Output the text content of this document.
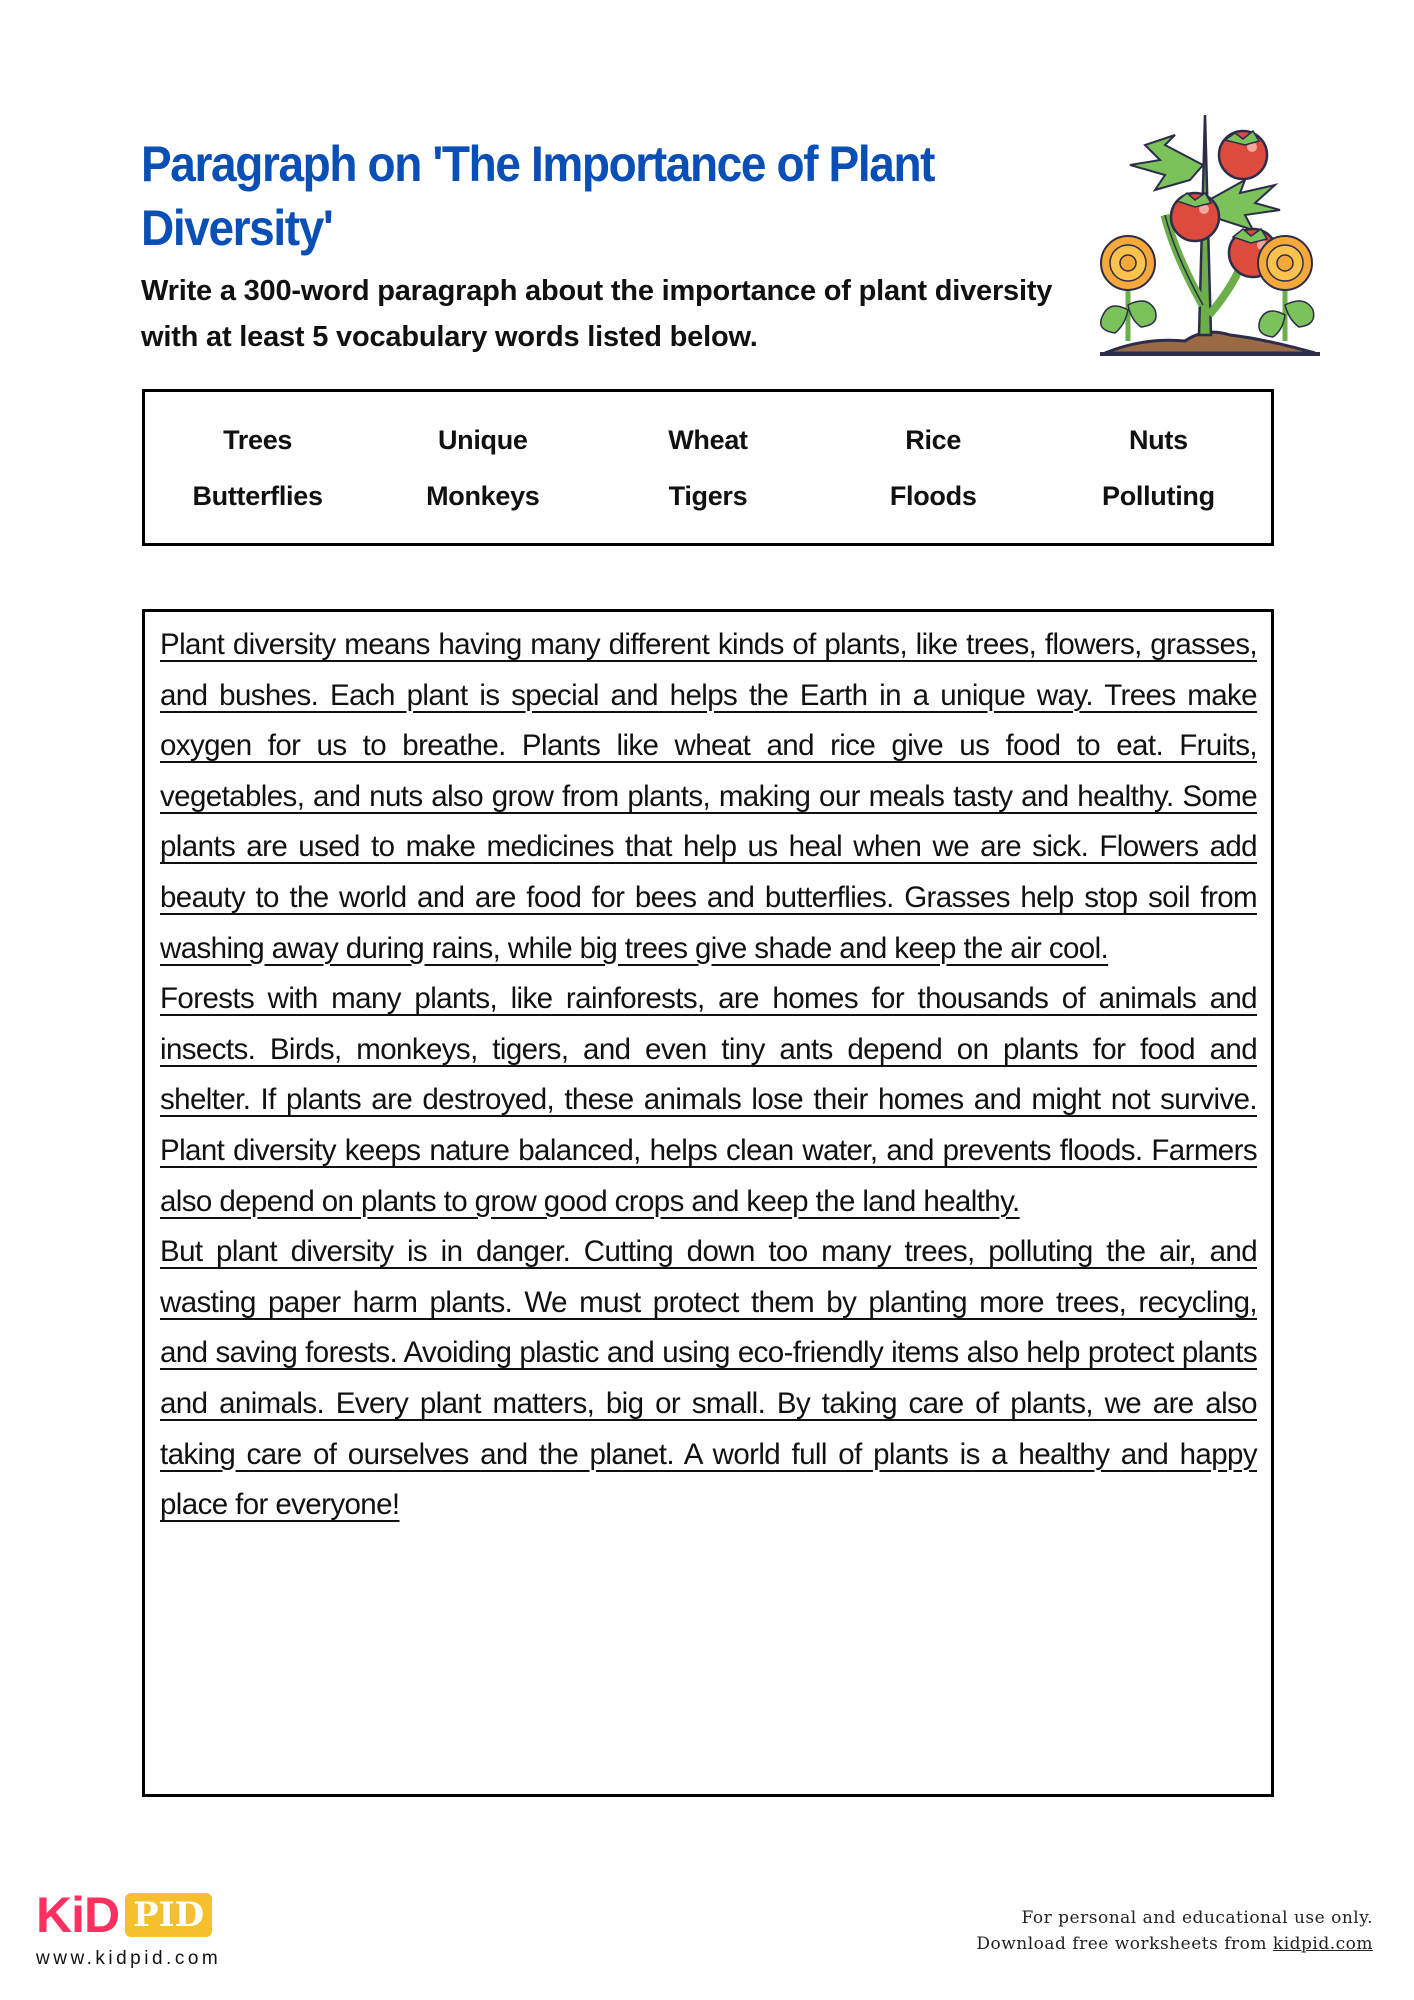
Paragraph on 'The Importance of Plant Diversity'

Write a 300-word paragraph about the importance of plant diversity with at least 5 vocabulary words listed below.

Trees	Unique	Wheat	Rice	Nuts
Butterflies	Monkeys	Tigers	Floods	Polluting

Plant diversity means having many different kinds of plants, like trees, flowers, grasses, and bushes. Each plant is special and helps the Earth in a unique way. Trees make oxygen for us to breathe. Plants like wheat and rice give us food to eat. Fruits, vegetables, and nuts also grow from plants, making our meals tasty and healthy. Some plants are used to make medicines that help us heal when we are sick. Flowers add beauty to the world and are food for bees and butterflies. Grasses help stop soil from washing away during rains, while big trees give shade and keep the air cool.

Forests with many plants, like rainforests, are homes for thousands of animals and insects. Birds, monkeys, tigers, and even tiny ants depend on plants for food and shelter. If plants are destroyed, these animals lose their homes and might not survive. Plant diversity keeps nature balanced, helps clean water, and prevents floods. Farmers also depend on plants to grow good crops and keep the land healthy.

But plant diversity is in danger. Cutting down too many trees, polluting the air, and wasting paper harm plants. We must protect them by planting more trees, recycling, and saving forests. Avoiding plastic and using eco-friendly items also help protect plants and animals. Every plant matters, big or small. By taking care of plants, we are also taking care of ourselves and the planet. A world full of plants is a healthy and happy place for everyone!

KiD PID
www.kidpid.com
For personal and educational use only.
Download free worksheets from kidpid.com
